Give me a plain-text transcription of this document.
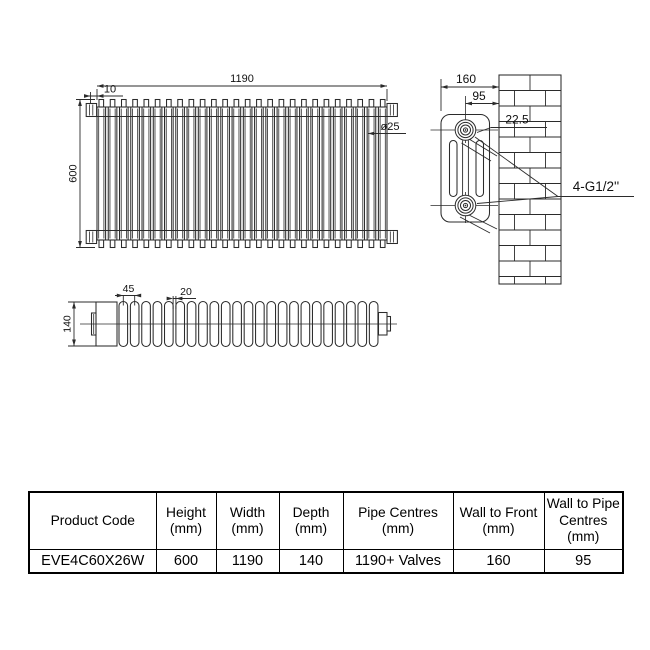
1190
10
600
ø25
160
95
22.5
4-G1/2''
140
45	20
Product Code

Height
(mm)

Width
(mm)

Depth
(mm)

Pipe Centres
(mm)

Wall to Front
(mm)

Wall to Pipe
Centres
(mm)

EVE4C60X26W	600	1190	140	1190+ Valves	160	95
